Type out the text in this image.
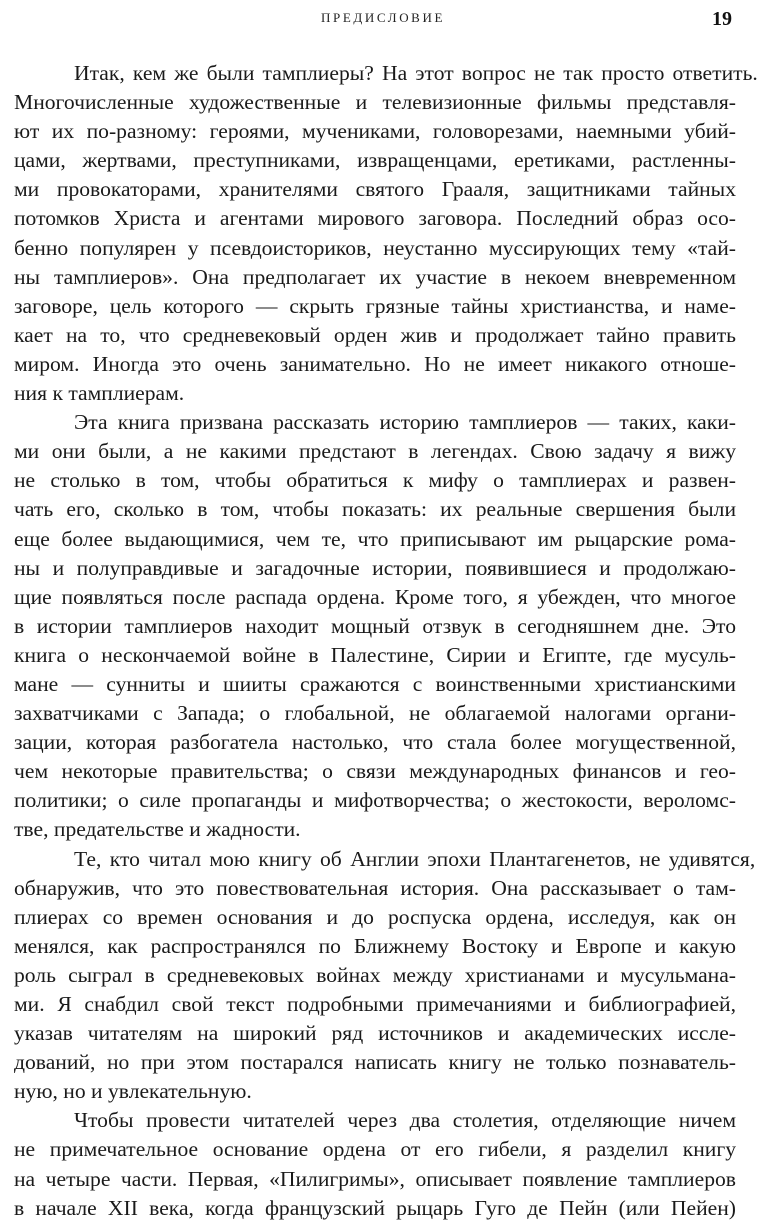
ПРЕДИСЛОВИЕ	19

Итак, кем же были тамплиеры? На этот вопрос не так просто ответить.
Многочисленные художественные и телевизионные фильмы представля-
ют их по-разному: героями, мучениками, головорезами, наемными убий-
цами, жертвами, преступниками, извращенцами, еретиками, растленны-
ми провокаторами, хранителями святого Грааля, защитниками тайных
потомков Христа и агентами мирового заговора. Последний образ осо-
бенно популярен у псевдоисториков, неустанно муссирующих тему «тай-
ны тамплиеров». Она предполагает их участие в некоем вневременном
заговоре, цель которого — скрыть грязные тайны христианства, и наме-
кает на то, что средневековый орден жив и продолжает тайно править
миром. Иногда это очень занимательно. Но не имеет никакого отноше-
ния к тамплиерам.

Эта книга призвана рассказать историю тамплиеров — таких, каки-
ми они были, а не какими предстают в легендах. Свою задачу я вижу
не столько в том, чтобы обратиться к мифу о тамплиерах и развен-
чать его, сколько в том, чтобы показать: их реальные свершения были
еще более выдающимися, чем те, что приписывают им рыцарские рома-
ны и полуправдивые и загадочные истории, появившиеся и продолжаю-
щие появляться после распада ордена. Кроме того, я убежден, что многое
в истории тамплиеров находит мощный отзвук в сегодняшнем дне. Это
книга о нескончаемой войне в Палестине, Сирии и Египте, где мусуль-
мане — сунниты и шииты сражаются с воинственными христианскими
захватчиками с Запада; о глобальной, не облагаемой налогами органи-
зации, которая разбогатела настолько, что стала более могущественной,
чем некоторые правительства; о связи международных финансов и гео-
политики; о силе пропаганды и мифотворчества; о жестокости, вероломс-
тве, предательстве и жадности.

Те, кто читал мою книгу об Англии эпохи Плантагенетов, не удивятся,
обнаружив, что это повествовательная история. Она рассказывает о там-
плиерах со времен основания и до роспуска ордена, исследуя, как он
менялся, как распространялся по Ближнему Востоку и Европе и какую
роль сыграл в средневековых войнах между христианами и мусульмана-
ми. Я снабдил свой текст подробными примечаниями и библиографией,
указав читателям на широкий ряд источников и академических иссле-
дований, но при этом постарался написать книгу не только познаватель-
ную, но и увлекательную.

Чтобы провести читателей через два столетия, отделяющие ничем
не примечательное основание ордена от его гибели, я разделил книгу
на четыре части. Первая, «Пилигримы», описывает появление тамплиеров
в начале XII века, когда французский рыцарь Гуго де Пейн (или Пейен)
